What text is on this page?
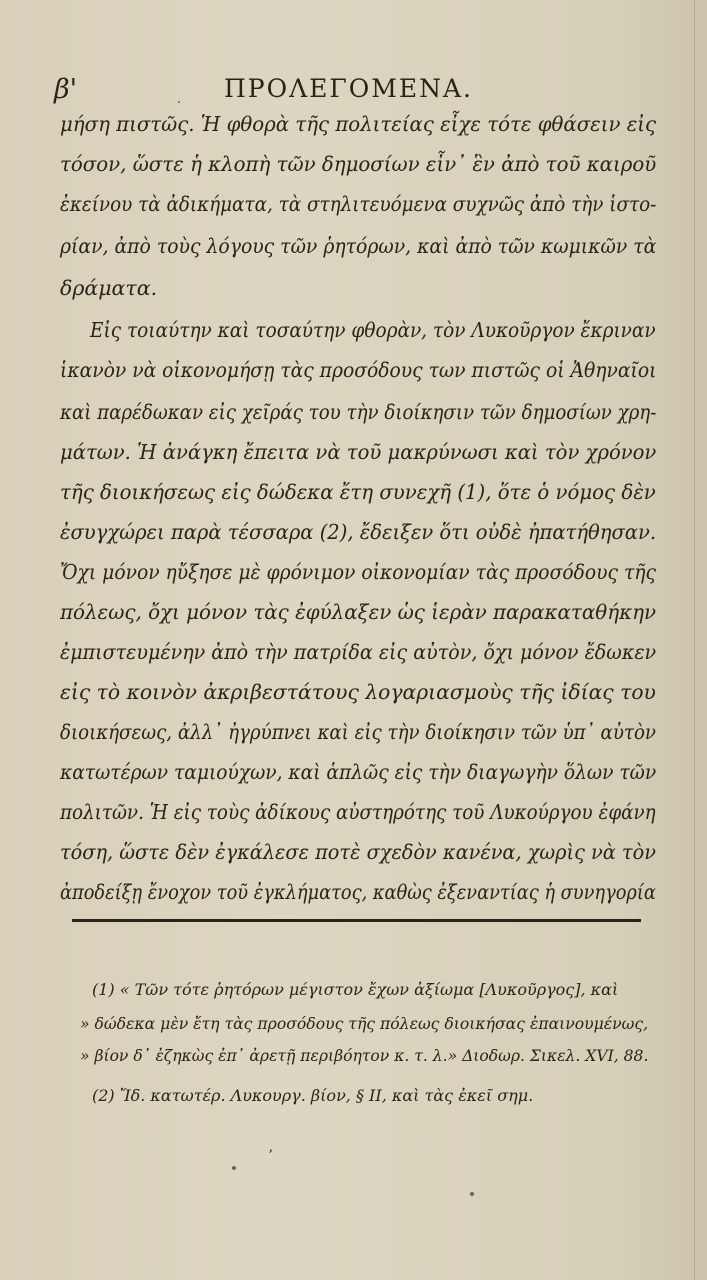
β'	. ΠΡΟΛΕΓΟΜΕΝΑ.
μήση πιστῶς. Ἡ φθορὰ τῆς πολιτείας εἶχε τότε φθάσειν εἰς
τόσον, ὥστε ἡ κλοπὴ τῶν δημοσίων εἶν᾽ ἓν ἀπὸ τοῦ καιροῦ
ἐκείνου τὰ ἀδικήματα, τὰ στηλιτευόμενα συχνῶς ἀπὸ τὴν ἱστο-
ρίαν, ἀπὸ τοὺς λόγους τῶν ῥητόρων, καὶ ἀπὸ τῶν κωμικῶν τὰ
δράματα.
Εἰς τοιαύτην καὶ τοσαύτην φθορὰν, τὸν Λυκοῦργον ἔκριναν
ἱκανὸν νὰ οἰκονομήσῃ τὰς προσόδους των πιστῶς οἱ Ἀθηναῖοι
καὶ παρέδωκαν εἰς χεῖράς του τὴν διοίκησιν τῶν δημοσίων χρη-
μάτων. Ἡ ἀνάγκη ἔπειτα νὰ τοῦ μακρύνωσι καὶ τὸν χρόνον
τῆς διοικήσεως εἰς δώδεκα ἔτη συνεχῆ (1), ὅτε ὁ νόμος δὲν
ἐσυγχώρει παρὰ τέσσαρα (2), ἔδειξεν ὅτι οὐδὲ ἠπατήθησαν.
Ὄχι μόνον ηὔξησε μὲ φρόνιμον οἰκονομίαν τὰς προσόδους τῆς
πόλεως, ὄχι μόνον τὰς ἐφύλαξεν ὡς ἱερὰν παρακαταθήκην
ἐμπιστευμένην ἀπὸ τὴν πατρίδα εἰς αὐτὸν, ὄχι μόνον ἔδωκεν
εἰς τὸ κοινὸν ἀκριβεστάτους λογαριασμοὺς τῆς ἰδίας του
διοικήσεως, ἀλλ᾽ ἠγρύπνει καὶ εἰς τὴν διοίκησιν τῶν ὑπ᾽ αὐτὸν
κατωτέρων ταμιούχων, καὶ ἁπλῶς εἰς τὴν διαγωγὴν ὅλων τῶν
πολιτῶν. Ἡ εἰς τοὺς ἀδίκους αὐστηρότης τοῦ Λυκούργου ἐφάνη
τόση, ὥστε δὲν ἐγκάλεσε ποτὲ σχεδὸν κανένα, χωρὶς νὰ τὸν
ἀποδείξῃ ἔνοχον τοῦ ἐγκλήματος, καθὼς ἐξεναντίας ἡ συνηγορία
(1) « Τῶν τότε ῥητόρων μέγιστον ἔχων ἀξίωμα [Λυκοῦργος], καὶ
» δώδεκα μὲν ἔτη τὰς προσόδους τῆς πόλεως διοικήσας ἐπαινουμένως,
» βίον δ᾽ ἐζηκὼς ἐπ᾽ ἀρετῇ περιβόητον κ. τ. λ.» Διοδωρ. Σικελ. XVI, 88.
(2) Ἴδ. κατωτέρ. Λυκουργ. βίον, § II, καὶ τὰς ἐκεῖ σημ.
ʼ
